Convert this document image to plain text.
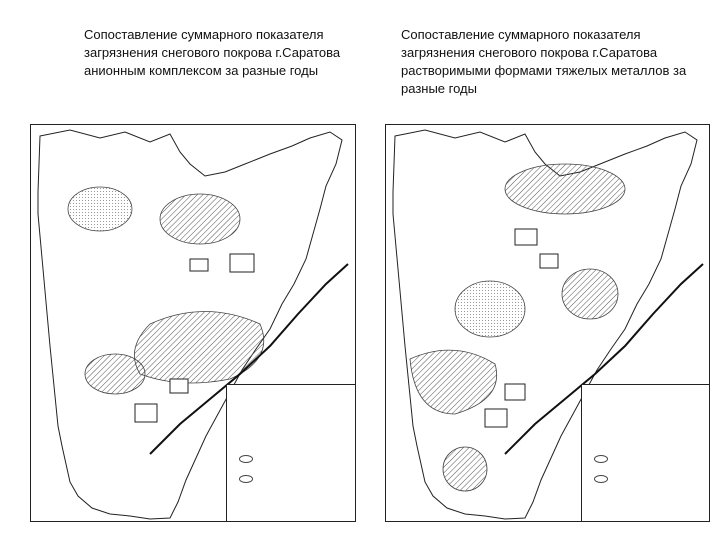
Сопоставление суммарного показателя
загрязнения снегового покрова г.Саратова
анионным комплексом за разные годы
Сопоставление суммарного показателя
загрязнения снегового покрова г.Саратова
растворимыми формами тяжелых металлов за
разные годы
